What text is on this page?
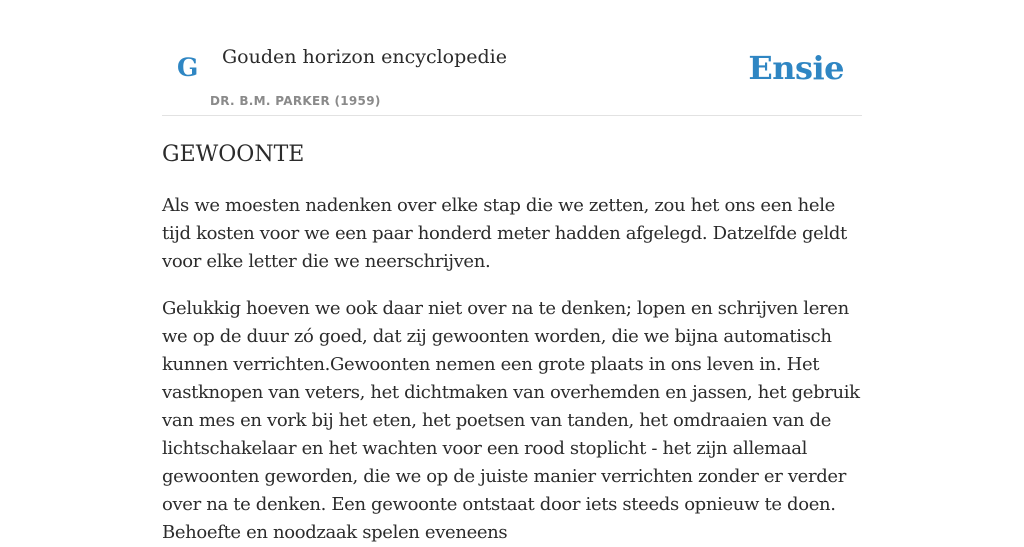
G Gouden horizon encyclopedie
DR. B.M. PARKER (1959)
Ensie
GEWOONTE

Als we moesten nadenken over elke stap die we zetten, zou het ons een hele tijd kosten voor we een paar honderd meter hadden afgelegd. Datzelfde geldt voor elke letter die we neerschrijven.

Gelukkig hoeven we ook daar niet over na te denken; lopen en schrijven leren we op de duur zó goed, dat zij gewoonten worden, die we bijna automatisch kunnen verrichten.Gewoonten nemen een grote plaats in ons leven in. Het vastknopen van veters, het dichtmaken van overhemden en jassen, het gebruik van mes en vork bij het eten, het poetsen van tanden, het omdraaien van de lichtschakelaar en het wachten voor een rood stoplicht - het zijn allemaal gewoonten geworden, die we op de juiste manier verrichten zonder er verder over na te denken. Een gewoonte ontstaat door iets steeds opnieuw te doen. Behoefte en noodzaak spelen eveneens
